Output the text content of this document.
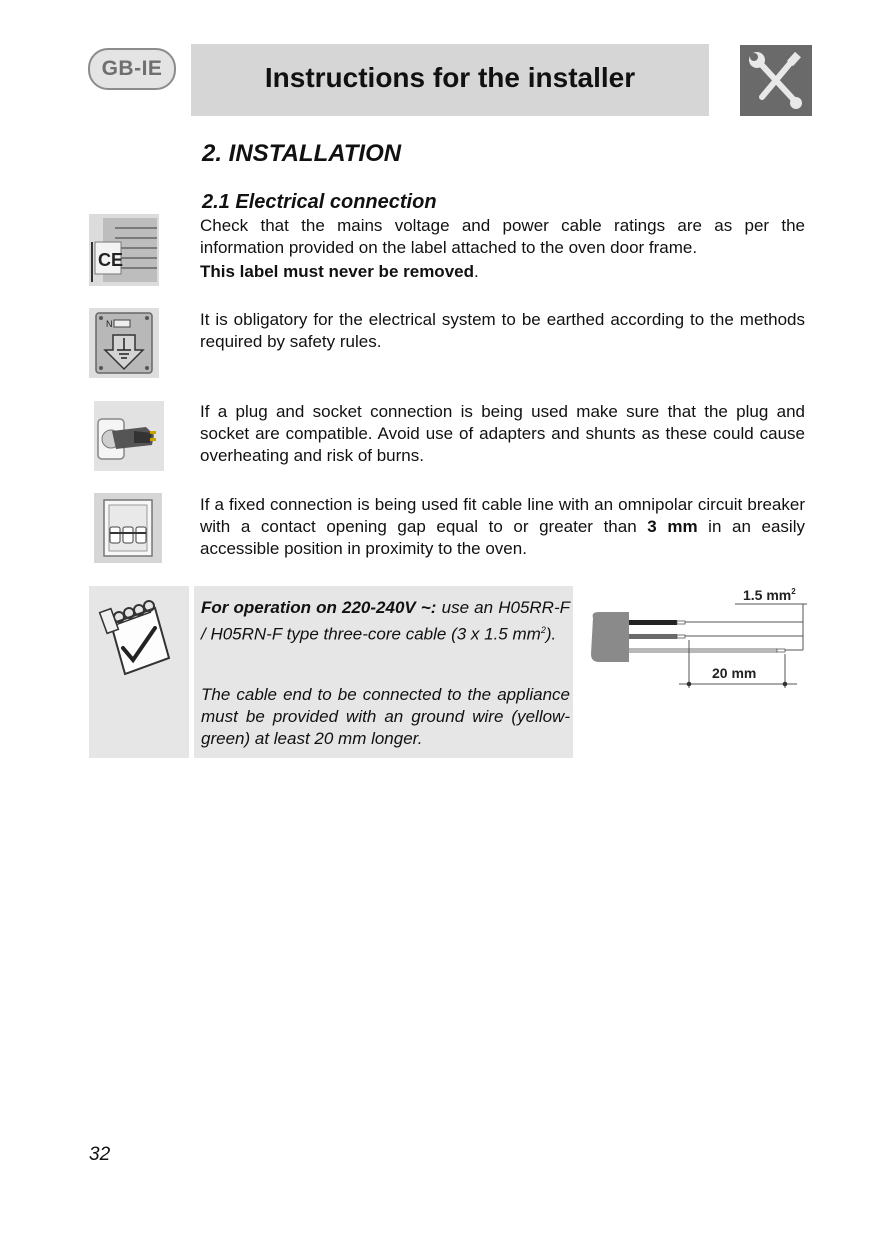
GB-IE	Instructions for the installer
2. INSTALLATION
2.1 Electrical connection
CE
Check that the mains voltage and power cable ratings are as per the
information provided on the label attached to the oven door frame.
This label must never be removed.
N	It is obligatory for the electrical system to be earthed according to the methods required by safety rules.
If a plug and socket connection is being used make sure that the plug and socket are compatible. Avoid use of adapters and shunts as these could cause overheating and risk of burns.
If a fixed connection is being used fit cable line with an omnipolar circuit breaker with a contact opening gap equal to or greater than 3 mm in an easily accessible position in proximity to the oven.
For operation on 220-240V ~: use an H05RR-F / H05RN-F type three-core cable (3 x 1.5 $mm^2$).
The cable end to be connected to the appliance must be provided with an ground wire (yellow-green) at least 20 mm longer.
1.5 $mm^2$
20 mm
32
